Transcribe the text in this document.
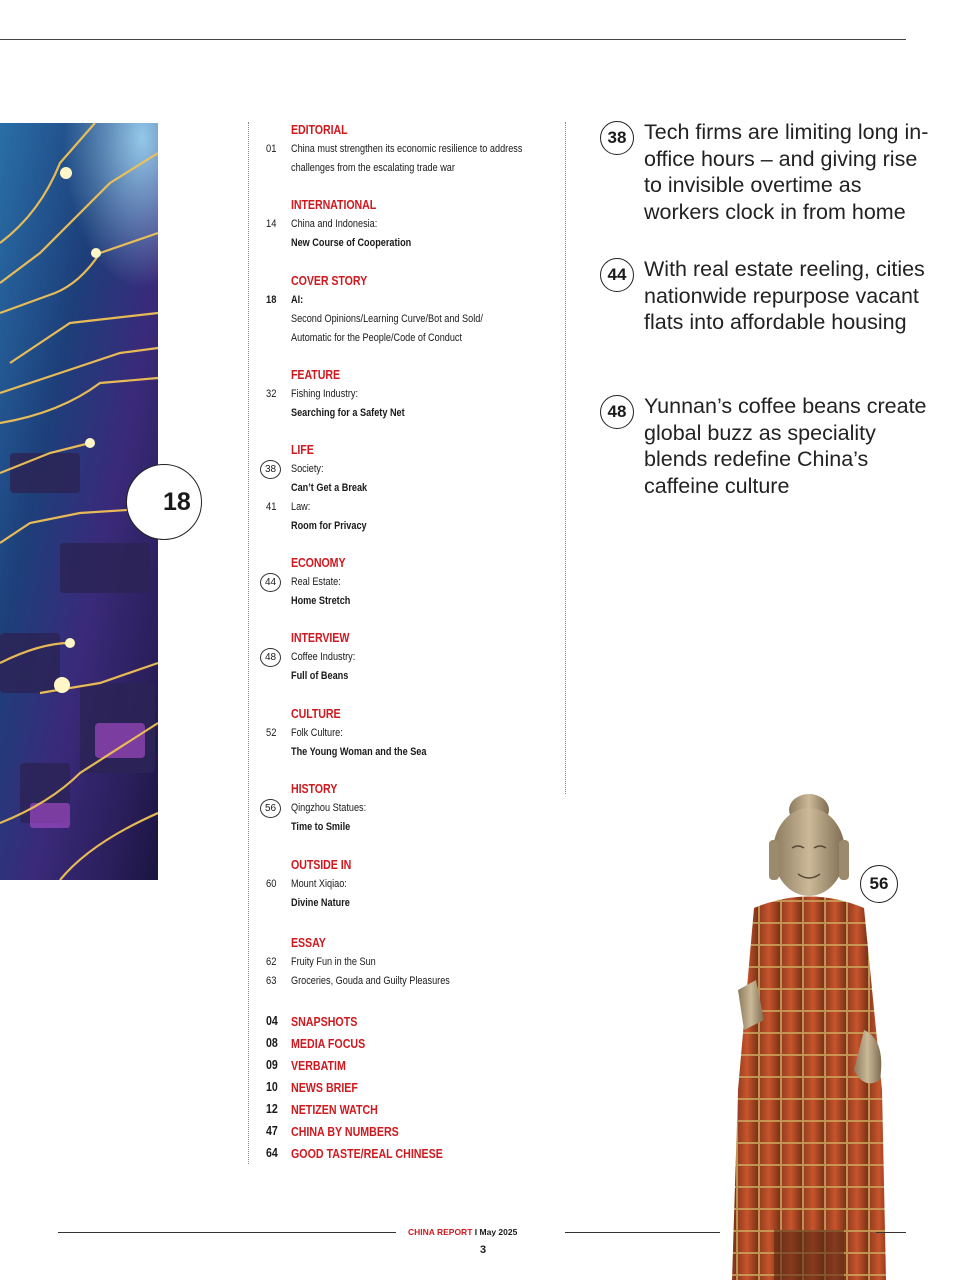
18
EDITORIAL
01 China must strengthen its economic resilience to address
challenges from the escalating trade war
INTERNATIONAL
14 China and Indonesia:
New Course of Cooperation
COVER STORY
18 AI:
Second Opinions/Learning Curve/Bot and Sold/
Automatic for the People/Code of Conduct
FEATURE
32 Fishing Industry:
Searching for a Safety Net
LIFE
38	Society:
Can’t Get a Break
41 Law:
Room for Privacy
ECONOMY
44	Real Estate:
Home Stretch
INTERVIEW
48	Coffee Industry:
Full of Beans
CULTURE
52 Folk Culture:
The Young Woman and the Sea
HISTORY
56	Qingzhou Statues:
Time to Smile
OUTSIDE IN
60 Mount Xiqiao:
Divine Nature
ESSAY
62 Fruity Fun in the Sun
63 Groceries, Gouda and Guilty Pleasures
04 SNAPSHOTS
08 MEDIA FOCUS
09 VERBATIM
10 NEWS BRIEF
12 NETIZEN WATCH
47 CHINA BY NUMBERS
64 GOOD TASTE/REAL CHINESE
38 Tech firms are limiting long in-office hours – and giving rise to invisible overtime as workers clock in from home
44 With real estate reeling, cities nationwide repurpose vacant flats into affordable housing
48 Yunnan’s coffee beans create global buzz as speciality blends redefine China’s caffeine culture
56
CHINA REPORT I May 2025
3
